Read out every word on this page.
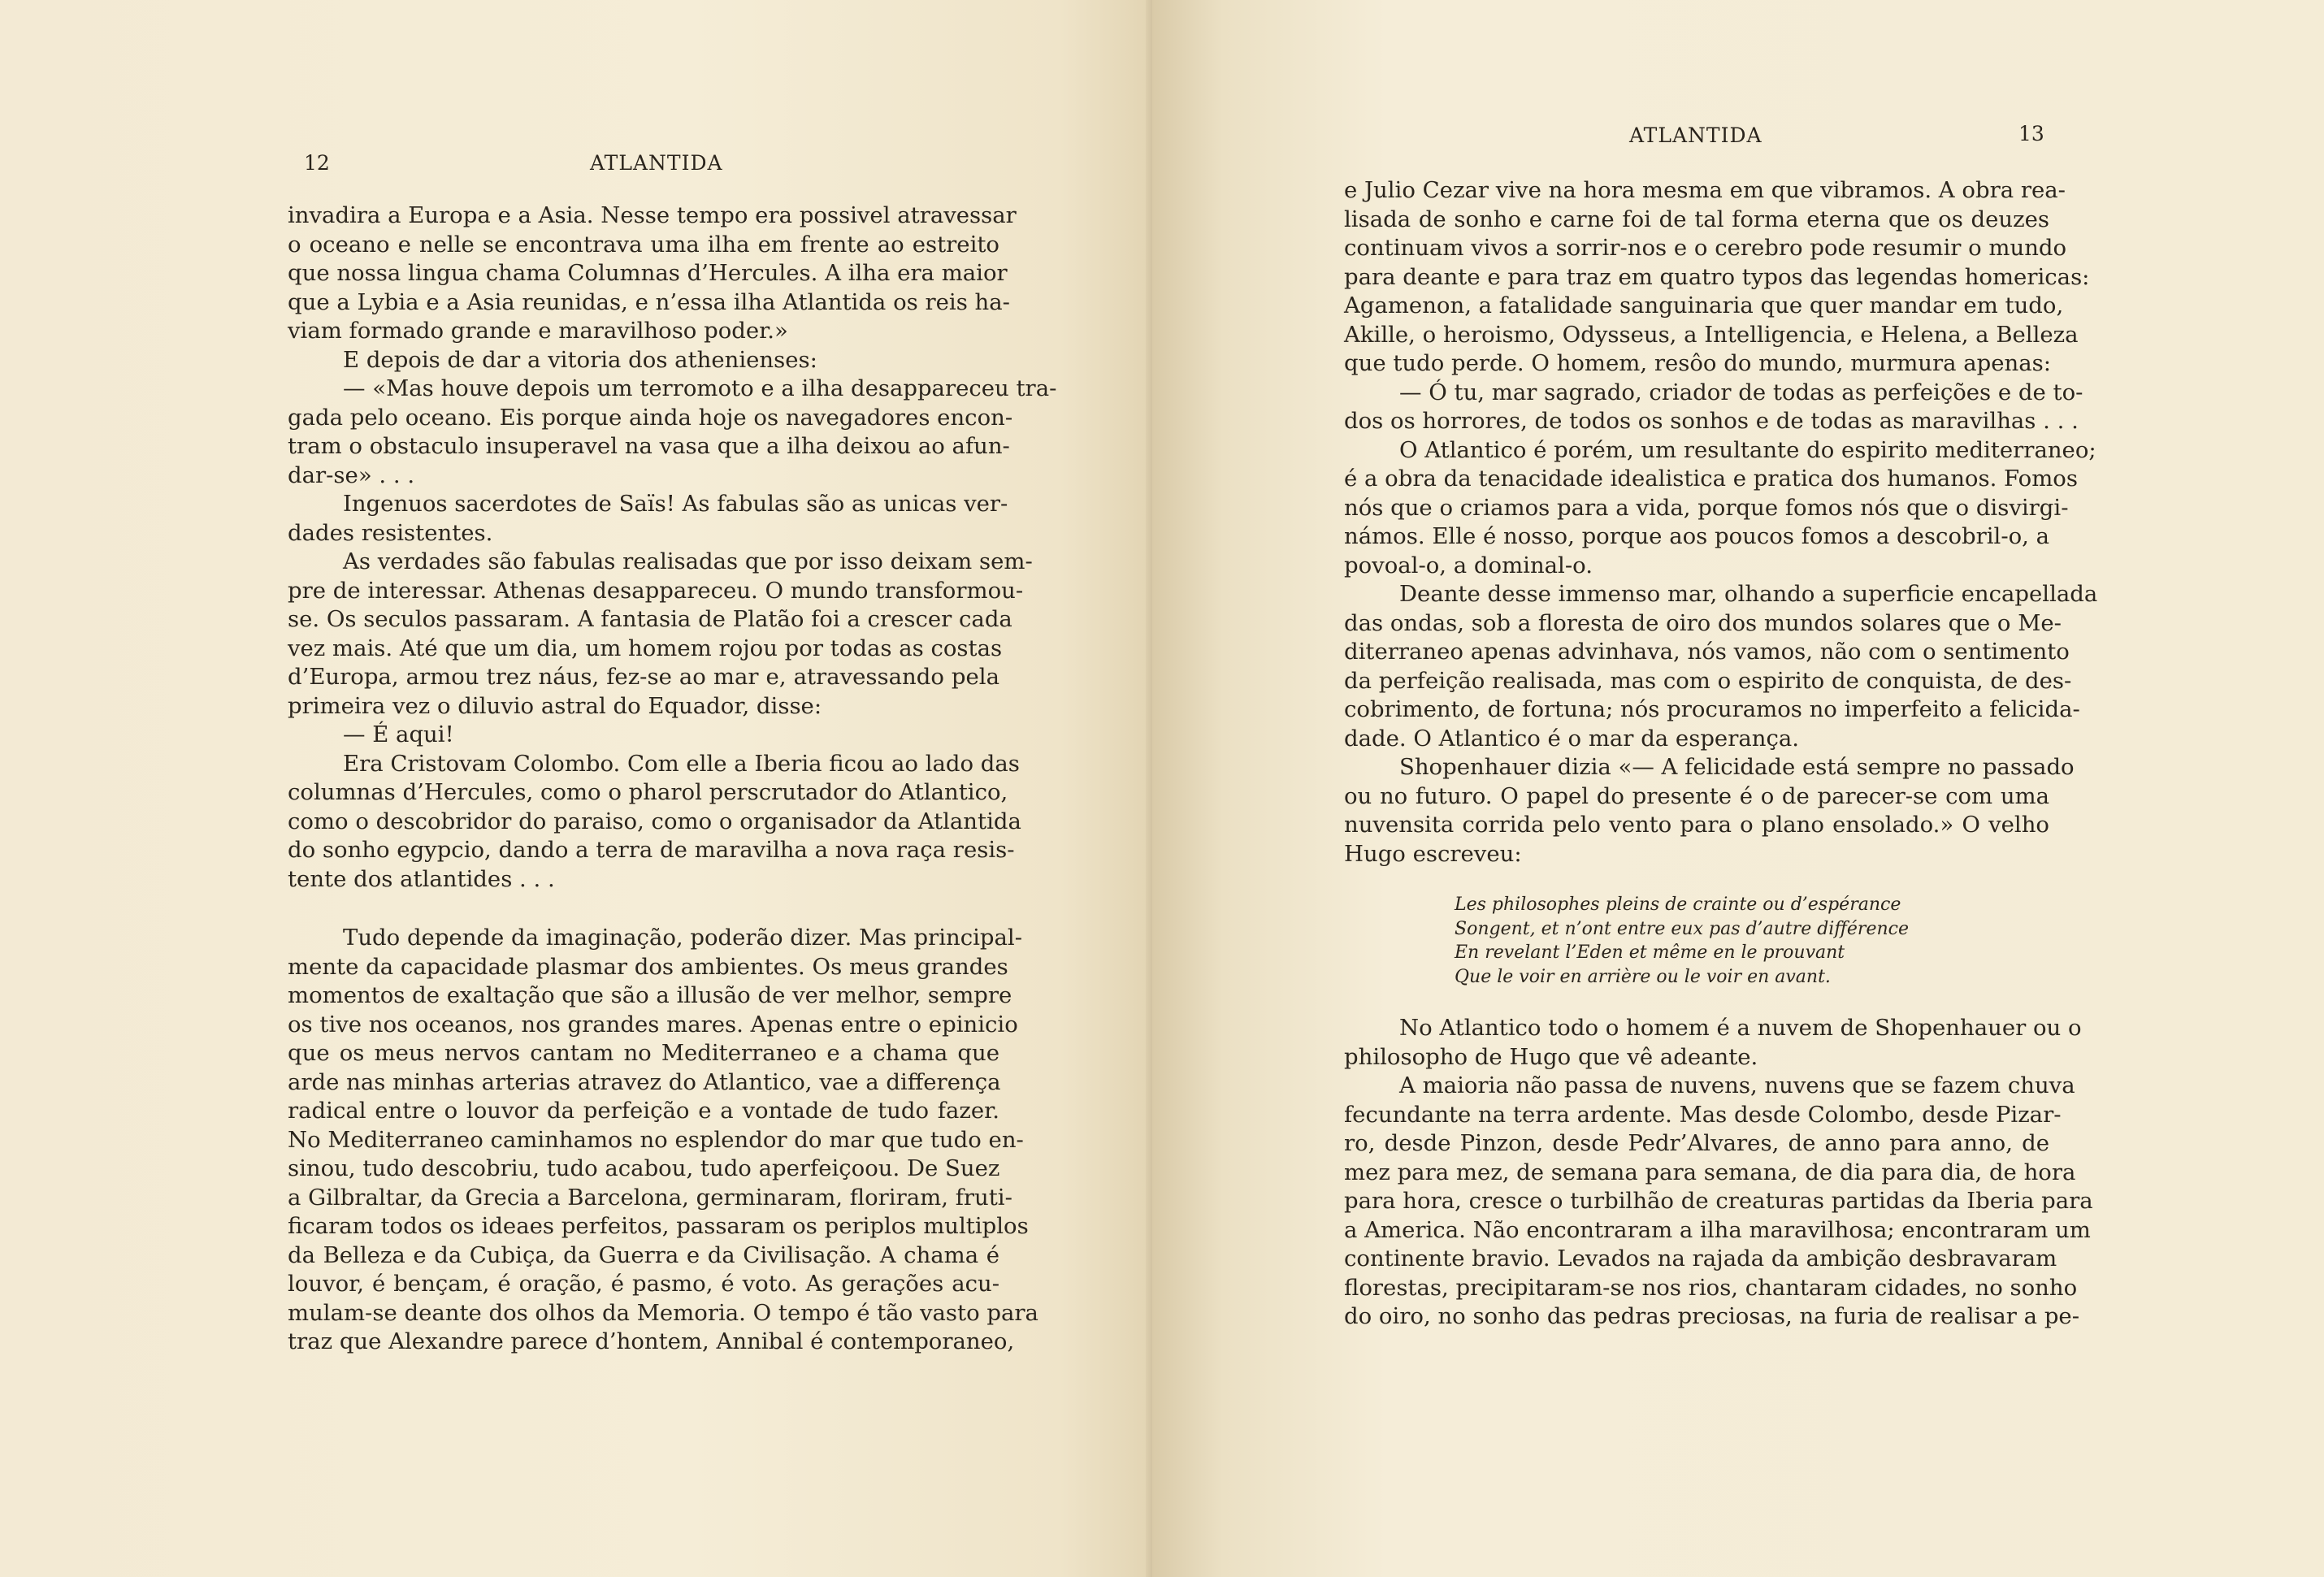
12	ATLANTIDA
invadira a Europa e a Asia. Nesse tempo era possivel atravessar
o oceano e nelle se encontrava uma ilha em frente ao estreito
que nossa lingua chama Columnas d’Hercules. A ilha era maior
que a Lybia e a Asia reunidas, e n’essa ilha Atlantida os reis ha-
viam formado grande e maravilhoso poder.»
E depois de dar a vitoria dos athenienses:
— «Mas houve depois um terromoto e a ilha desappareceu tra-
gada pelo oceano. Eis porque ainda hoje os navegadores encon-
tram o obstaculo insuperavel na vasa que a ilha deixou ao afun-
dar-se» . . .
Ingenuos sacerdotes de Saïs! As fabulas são as unicas ver-
dades resistentes.
As verdades são fabulas realisadas que por isso deixam sem-
pre de interessar. Athenas desappareceu. O mundo transformou-
se. Os seculos passaram. A fantasia de Platão foi a crescer cada
vez mais. Até que um dia, um homem rojou por todas as costas
d’Europa, armou trez náus, fez-se ao mar e, atravessando pela
primeira vez o diluvio astral do Equador, disse:
— É aqui!
Era Cristovam Colombo. Com elle a Iberia ficou ao lado das
columnas d’Hercules, como o pharol perscrutador do Atlantico,
como o descobridor do paraiso, como o organisador da Atlantida
do sonho egypcio, dando a terra de maravilha a nova raça resis-
tente dos atlantides . . .
Tudo depende da imaginação, poderão dizer. Mas principal-
mente da capacidade plasmar dos ambientes. Os meus grandes
momentos de exaltação que são a illusão de ver melhor, sempre
os tive nos oceanos, nos grandes mares. Apenas entre o epinicio
que os meus nervos cantam no Mediterraneo e a chama que
arde nas minhas arterias atravez do Atlantico, vae a differença
radical entre o louvor da perfeição e a vontade de tudo fazer.
No Mediterraneo caminhamos no esplendor do mar que tudo en-
sinou, tudo descobriu, tudo acabou, tudo aperfeiçoou. De Suez
a Gilbraltar, da Grecia a Barcelona, germinaram, floriram, fruti-
ficaram todos os ideaes perfeitos, passaram os periplos multiplos
da Belleza e da Cubiça, da Guerra e da Civilisação. A chama é
louvor, é bençam, é oração, é pasmo, é voto. As gerações acu-
mulam-se deante dos olhos da Memoria. O tempo é tão vasto para
traz que Alexandre parece d’hontem, Annibal é contemporaneo,
ATLANTIDA	13
e Julio Cezar vive na hora mesma em que vibramos. A obra rea-
lisada de sonho e carne foi de tal forma eterna que os deuzes
continuam vivos a sorrir-nos e o cerebro pode resumir o mundo
para deante e para traz em quatro typos das legendas homericas:
Agamenon, a fatalidade sanguinaria que quer mandar em tudo,
Akille, o heroismo, Odysseus, a Intelligencia, e Helena, a Belleza
que tudo perde. O homem, resôo do mundo, murmura apenas:
— Ó tu, mar sagrado, criador de todas as perfeições e de to-
dos os horrores, de todos os sonhos e de todas as maravilhas . . .
O Atlantico é porém, um resultante do espirito mediterraneo;
é a obra da tenacidade idealistica e pratica dos humanos. Fomos
nós que o criamos para a vida, porque fomos nós que o disvirgi-
námos. Elle é nosso, porque aos poucos fomos a descobril-o, a
povoal-o, a dominal-o.
Deante desse immenso mar, olhando a superficie encapellada
das ondas, sob a floresta de oiro dos mundos solares que o Me-
diterraneo apenas advinhava, nós vamos, não com o sentimento
da perfeição realisada, mas com o espirito de conquista, de des-
cobrimento, de fortuna; nós procuramos no imperfeito a felicida-
dade. O Atlantico é o mar da esperança.
Shopenhauer dizia «— A felicidade está sempre no passado
ou no futuro. O papel do presente é o de parecer-se com uma
nuvensita corrida pelo vento para o plano ensolado.» O velho
Hugo escreveu:
Les philosophes pleins de crainte ou d’espérance
Songent, et n’ont entre eux pas d’autre différence
En revelant l’Eden et même en le prouvant
Que le voir en arrière ou le voir en avant.
No Atlantico todo o homem é a nuvem de Shopenhauer ou o
philosopho de Hugo que vê adeante.
A maioria não passa de nuvens, nuvens que se fazem chuva
fecundante na terra ardente. Mas desde Colombo, desde Pizar-
ro, desde Pinzon, desde Pedr’Alvares, de anno para anno, de
mez para mez, de semana para semana, de dia para dia, de hora
para hora, cresce o turbilhão de creaturas partidas da Iberia para
a America. Não encontraram a ilha maravilhosa; encontraram um
continente bravio. Levados na rajada da ambição desbravaram
florestas, precipitaram-se nos rios, chantaram cidades, no sonho
do oiro, no sonho das pedras preciosas, na furia de realisar a pe-
